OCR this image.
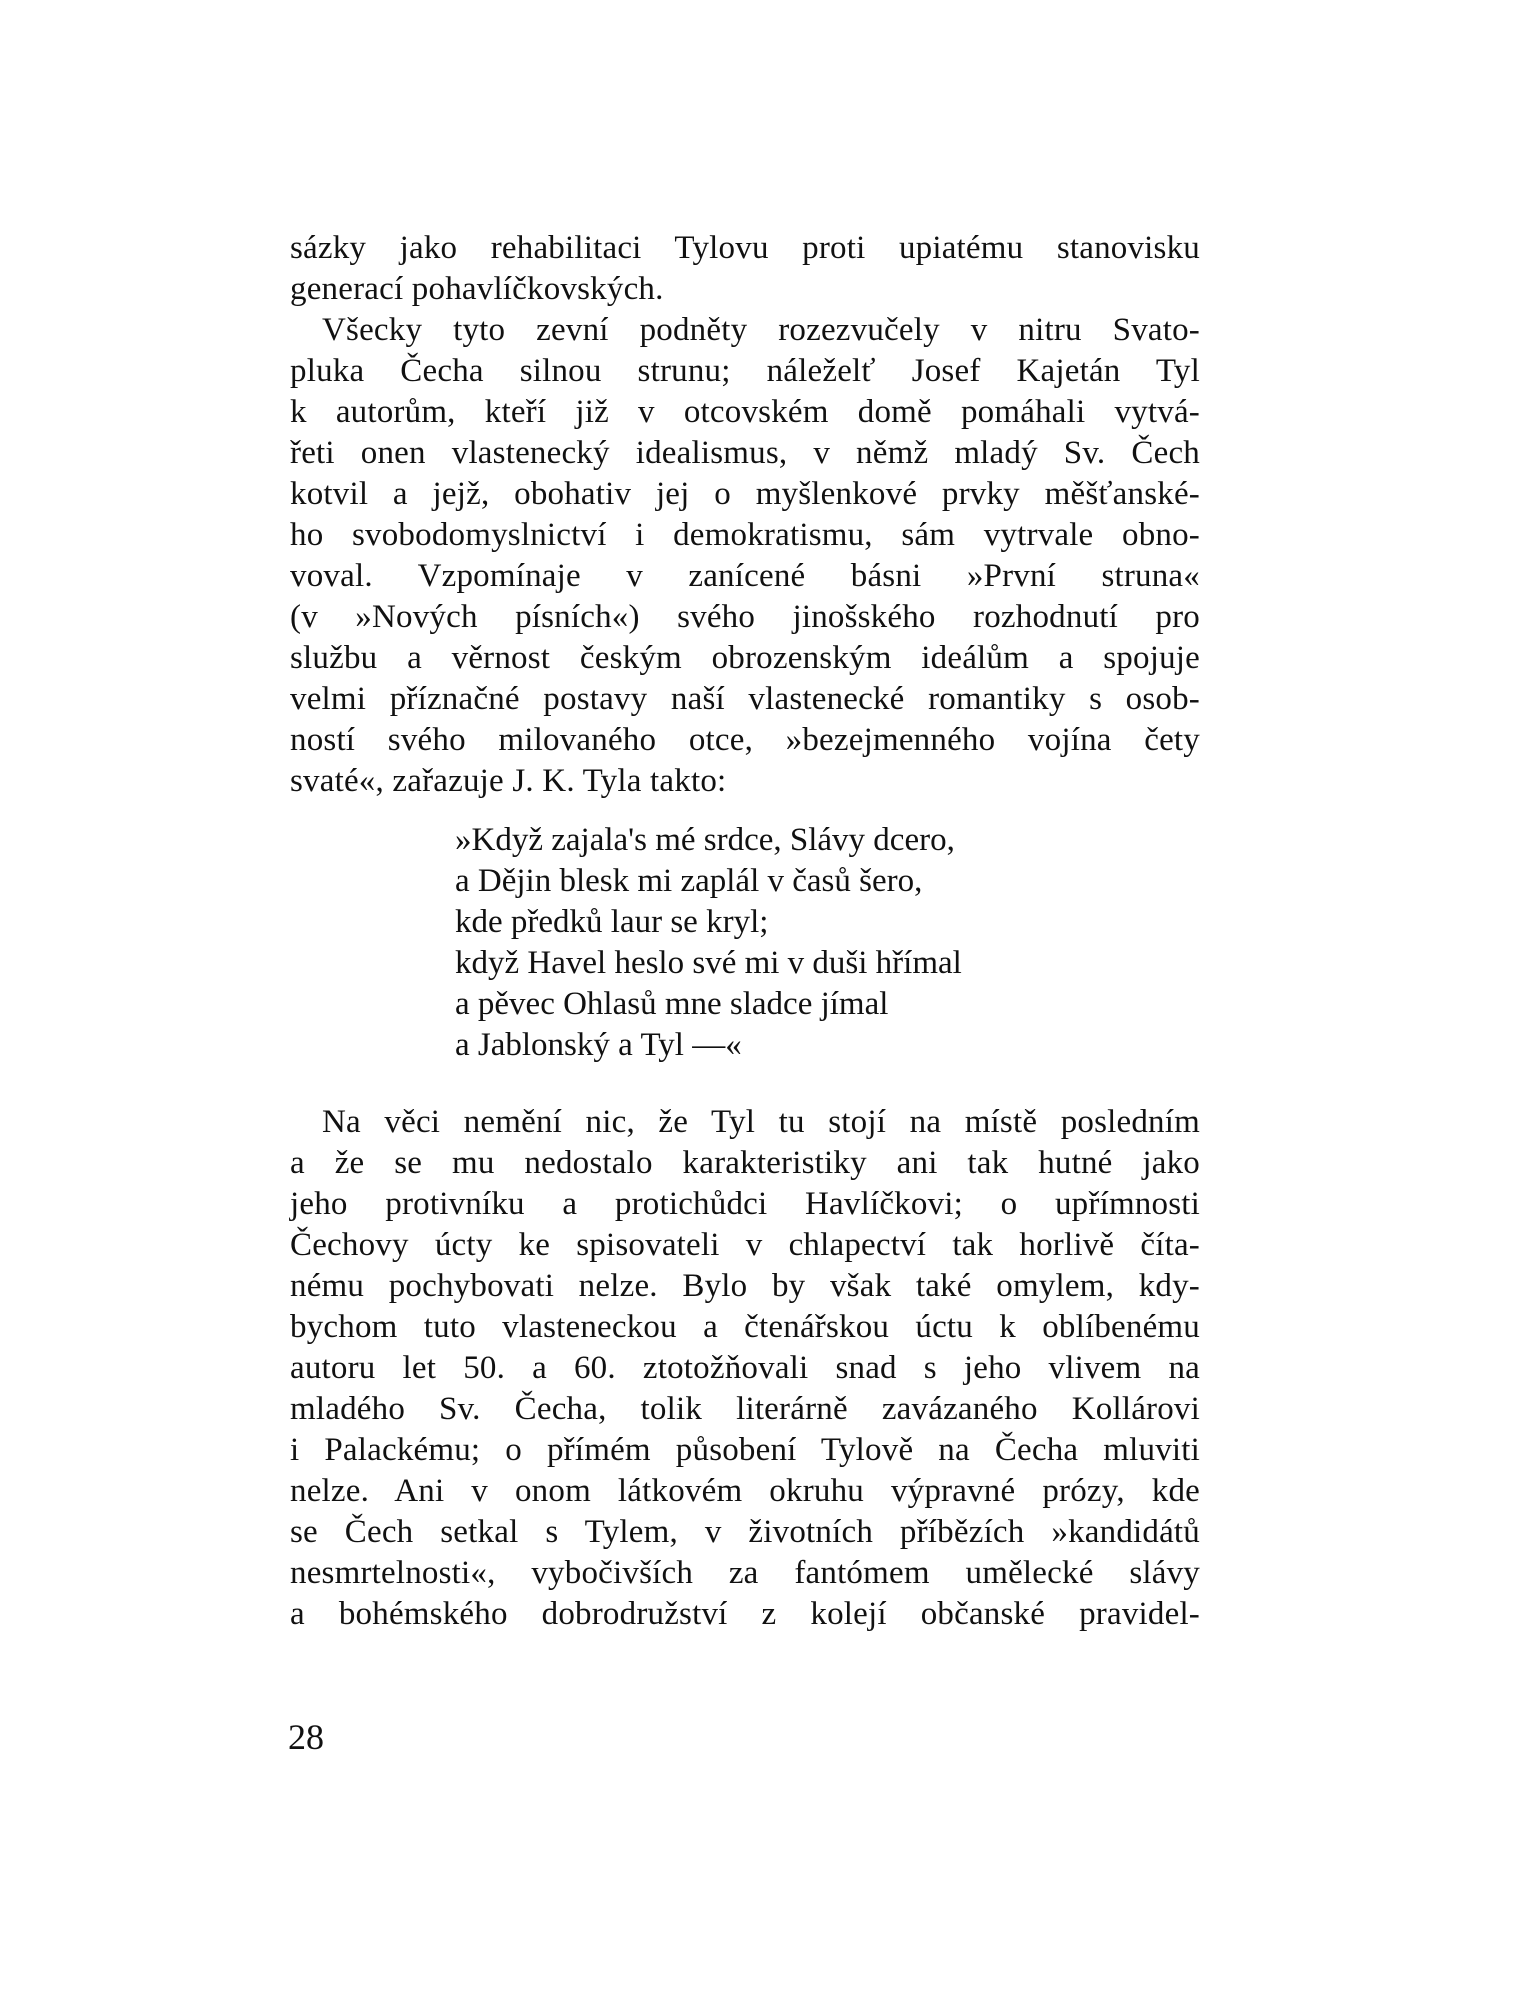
sázky jako rehabilitaci Tylovu proti upiatému stanovisku
generací pohavlíčkovských.
Všecky tyto zevní podněty rozezvučely v nitru Svato-
pluka Čecha silnou strunu; náleželť Josef Kajetán Tyl
k autorům, kteří již v otcovském domě pomáhali vytvá-
řeti onen vlastenecký idealismus, v němž mladý Sv. Čech
kotvil a jejž, obohativ jej o myšlenkové prvky měšťanské-
ho svobodomyslnictví i demokratismu, sám vytrvale obno-
voval. Vzpomínaje v zanícené básni »První struna«
(v »Nových písních«) svého jinošského rozhodnutí pro
službu a věrnost českým obrozenským ideálům a spojuje
velmi příznačné postavy naší vlastenecké romantiky s osob-
ností svého milovaného otce, »bezejmenného vojína čety
svaté«, zařazuje J. K. Tyla takto:
»Když zajala's mé srdce, Slávy dcero,
a Dějin blesk mi zaplál v časů šero,
kde předků laur se kryl;
když Havel heslo své mi v duši hřímal
a pěvec Ohlasů mne sladce jímal
a Jablonský a Tyl —«
Na věci nemění nic, že Tyl tu stojí na místě posledním
a že se mu nedostalo karakteristiky ani tak hutné jako
jeho protivníku a protichůdci Havlíčkovi; o upřímnosti
Čechovy úcty ke spisovateli v chlapectví tak horlivě číta-
nému pochybovati nelze. Bylo by však také omylem, kdy-
bychom tuto vlasteneckou a čtenářskou úctu k oblíbenému
autoru let 50. a 60. ztotožňovali snad s jeho vlivem na
mladého Sv. Čecha, tolik literárně zavázaného Kollárovi
i Palackému; o přímém působení Tylově na Čecha mluviti
nelze. Ani v onom látkovém okruhu výpravné prózy, kde
se Čech setkal s Tylem, v životních příbězích »kandidátů
nesmrtelnosti«, vybočivších za fantómem umělecké slávy
a bohémského dobrodružství z kolejí občanské pravidel-
28
